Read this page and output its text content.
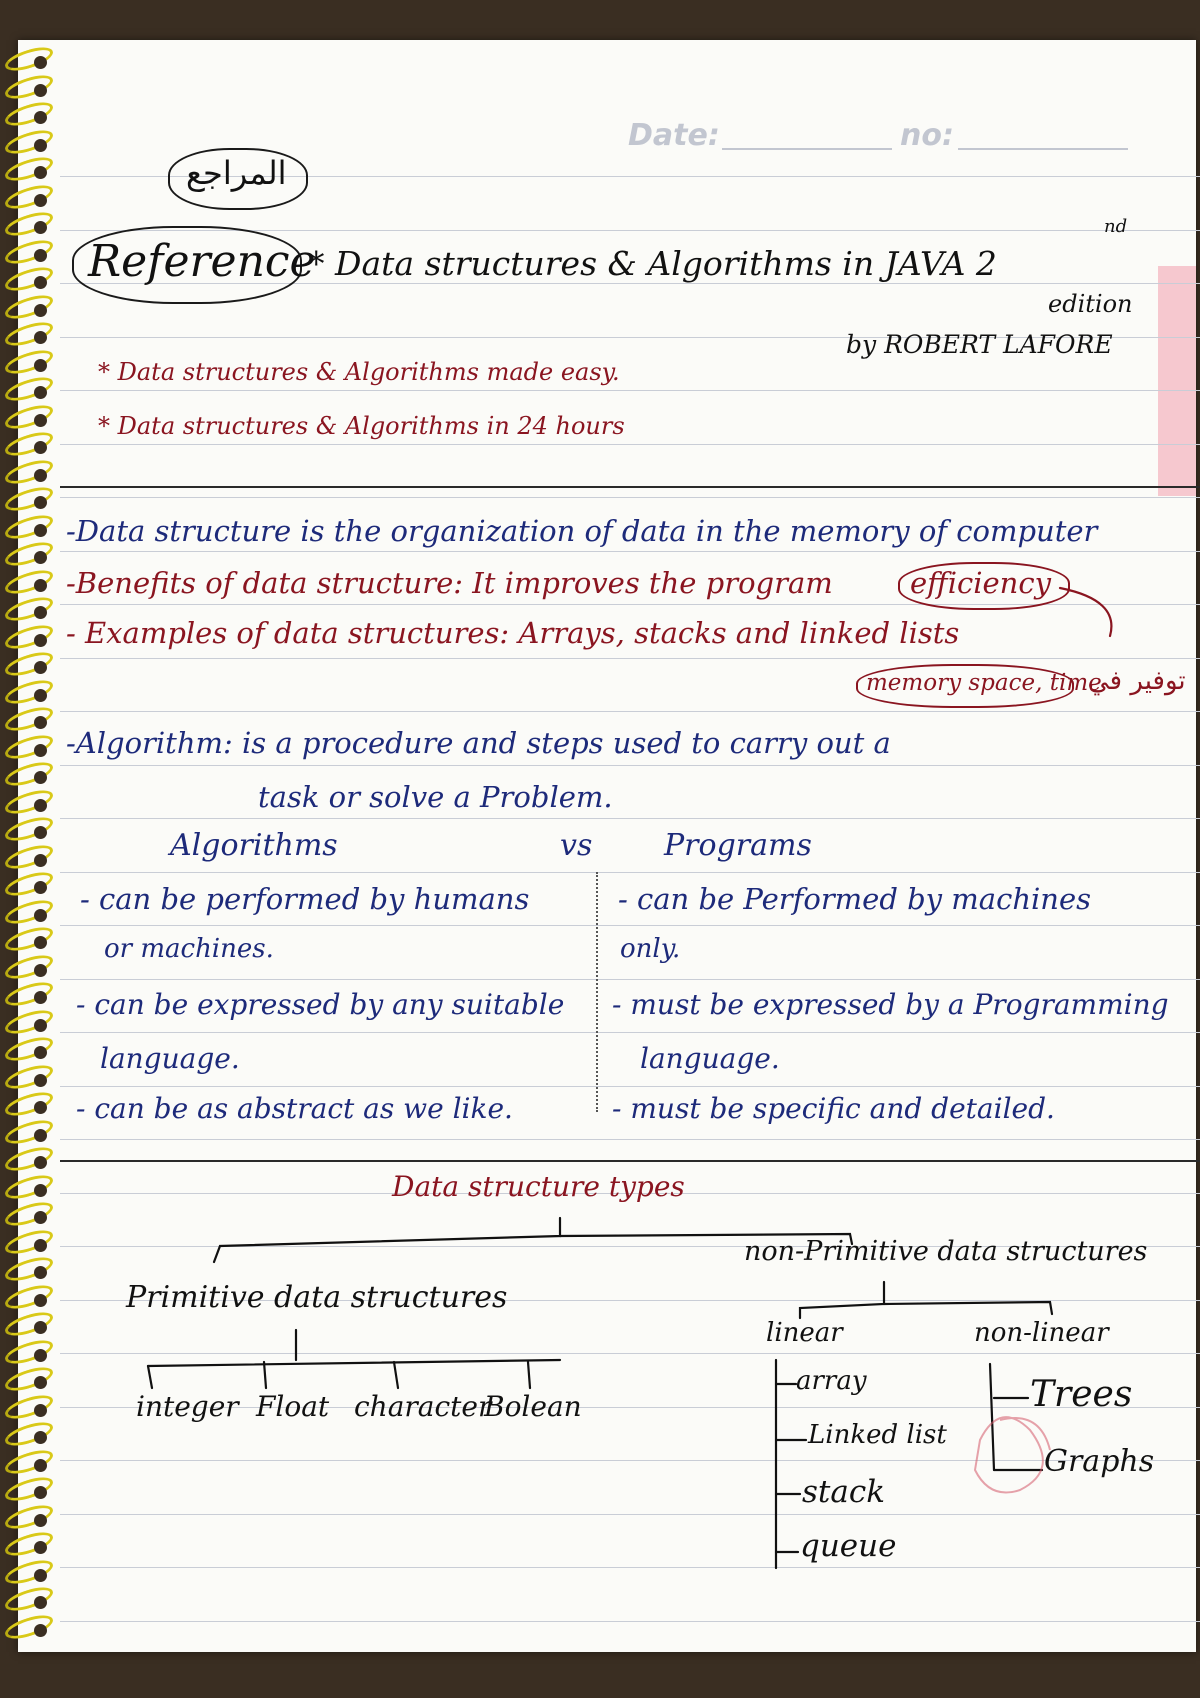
Date:	no:
المراجع
Reference
* Data structures & Algorithms in JAVA 2
nd
edition
by ROBERT LAFORE
* Data structures & Algorithms made easy.
* Data structures & Algorithms in 24 hours
-Data structure is the organization of data in the memory of computer
-Benefits of data structure: It improves the program	efficiency
- Examples of data structures: Arrays, stacks and linked lists
memory space, time
توفير في
-Algorithm: is a procedure and steps used to carry out a
task or solve a Problem.
Algorithms	vs Programs
- can be performed by humans	- can be Performed by machines
or machines.	only.
- can be expressed by any suitable - must be expressed by a Programming
language.	language.
- can be as abstract as we like.	- must be specific and detailed.
Data structure types
Primitive data structures
non-Primitive data structures
integer Float character
Bolean
linear	non-linear
array
Linked list
stack
queue
Trees
Graphs
